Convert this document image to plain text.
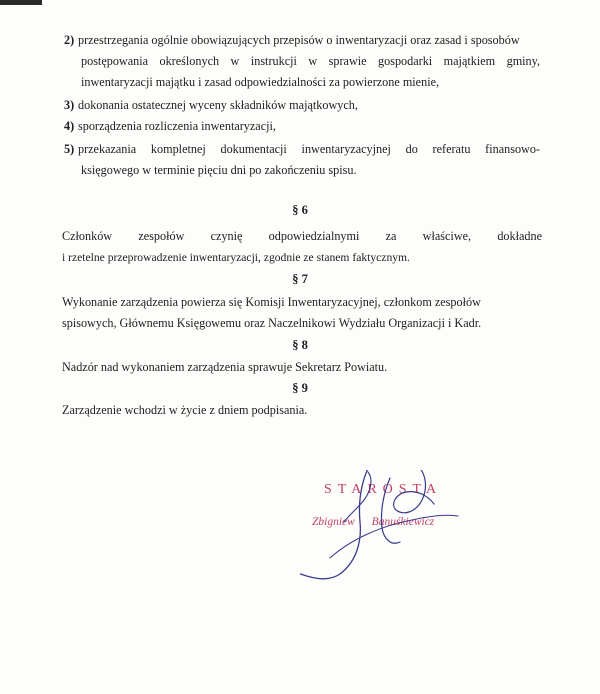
2) przestrzegania ogólnie obowiązujących przepisów o inwentaryzacji oraz zasad i sposobów
postępowania określonych w instrukcji w sprawie gospodarki majątkiem gminy,
inwentaryzacji majątku i zasad odpowiedzialności za powierzone mienie,
3) dokonania ostatecznej wyceny składników majątkowych,
4) sporządzenia rozliczenia inwentaryzacji,
5) przekazania kompletnej dokumentacji inwentaryzacyjnej do referatu finansowo-
księgowego w terminie pięciu dni po zakończeniu spisu.
§ 6
Członków zespołów czynię odpowiedzialnymi za właściwe, dokładne
i rzetelne przeprowadzenie inwentaryzacji, zgodnie ze stanem faktycznym.
§ 7
Wykonanie zarządzenia powierza się Komisji Inwentaryzacyjnej, członkom zespołów
spisowych, Głównemu Księgowemu oraz Naczelnikowi Wydziału Organizacji i Kadr.
§ 8
Nadzór nad wykonaniem zarządzenia sprawuje Sekretarz Powiatu.
§ 9
Zarządzenie wchodzi w życie z dniem podpisania.
STAROSTA
Zbigniew Banuśkiewicz
